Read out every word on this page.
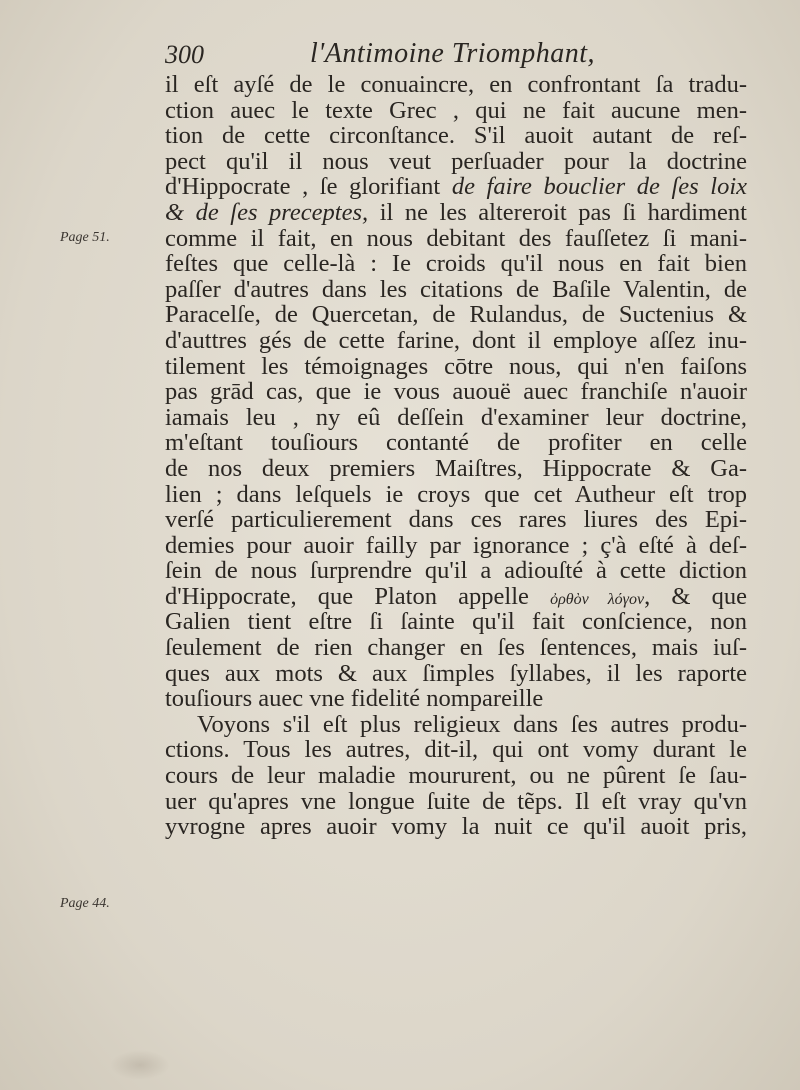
300	l'Antimoine Triomphant,
Page 51.
Page 44.
il eſt ayſé de le conuaincre, en confrontant ſa tradu-
ction auec le texte Grec , qui ne fait aucune men-
tion de cette circonſtance. S'il auoit autant de reſ-
pect qu'il il nous veut perſuader pour la doctrine
d'Hippocrate , ſe glorifiant de faire bouclier de ſes loix
& de ſes preceptes, il ne les altereroit pas ſi hardiment
comme il fait, en nous debitant des fauſſetez ſi mani-
feſtes que celle-là : Ie croids qu'il nous en fait bien
paſſer d'autres dans les citations de Baſile Valentin, de
Paracelſe, de Quercetan, de Rulandus, de Suctenius &
d'auttres gés de cette farine, dont il employe aſſez inu-
tilement les témoignages cōtre nous, qui n'en faiſons
pas grād cas, que ie vous auouë auec franchiſe n'auoir
iamais leu , ny eû deſſein d'examiner leur doctrine,
m'eſtant touſiours contanté de profiter en celle
de nos deux premiers Maiſtres, Hippocrate & Ga-
lien ; dans leſquels ie croys que cet Autheur eſt trop
verſé particulierement dans ces rares liures des Epi-
demies pour auoir failly par ignorance ; ç'à eſté à deſ-
ſein de nous ſurprendre qu'il a adiouſté à cette diction
d'Hippocrate, que Platon appelle ὀρθὸν λόγον, & que
Galien tient eſtre ſi ſainte qu'il fait conſcience, non
ſeulement de rien changer en ſes ſentences, mais iuſ-
ques aux mots & aux ſimples ſyllabes, il les raporte
touſiours auec vne fidelité nompareille
Voyons s'il eſt plus religieux dans ſes autres produ-
ctions. Tous les autres, dit-il, qui ont vomy durant le
cours de leur maladie moururent, ou ne pûrent ſe ſau-
uer qu'apres vne longue ſuite de tẽps. Il eſt vray qu'vn
yvrogne apres auoir vomy la nuit ce qu'il auoit pris,
